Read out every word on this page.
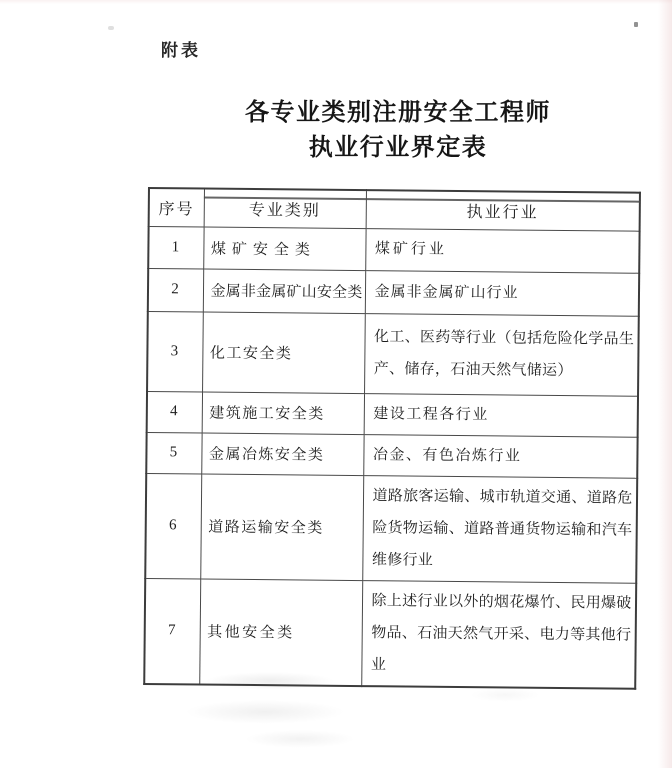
附表
各专业类别注册安全工程师
执业行业界定表
序号	专业类别	执业行业
1	煤矿安全类	煤矿行业
2	金属非金属矿山安全类	金属非金属矿山行业
3	化工安全类	化工、医药等行业（包括危险化学品生产、储存，石油天然气储运）
4	建筑施工安全类	建设工程各行业
5	金属冶炼安全类	冶金、有色冶炼行业
6	道路运输安全类	道路旅客运输、城市轨道交通、道路危险货物运输、道路普通货物运输和汽车维修行业
7	其他安全类	除上述行业以外的烟花爆竹、民用爆破物品、石油天然气开采、电力等其他行业
